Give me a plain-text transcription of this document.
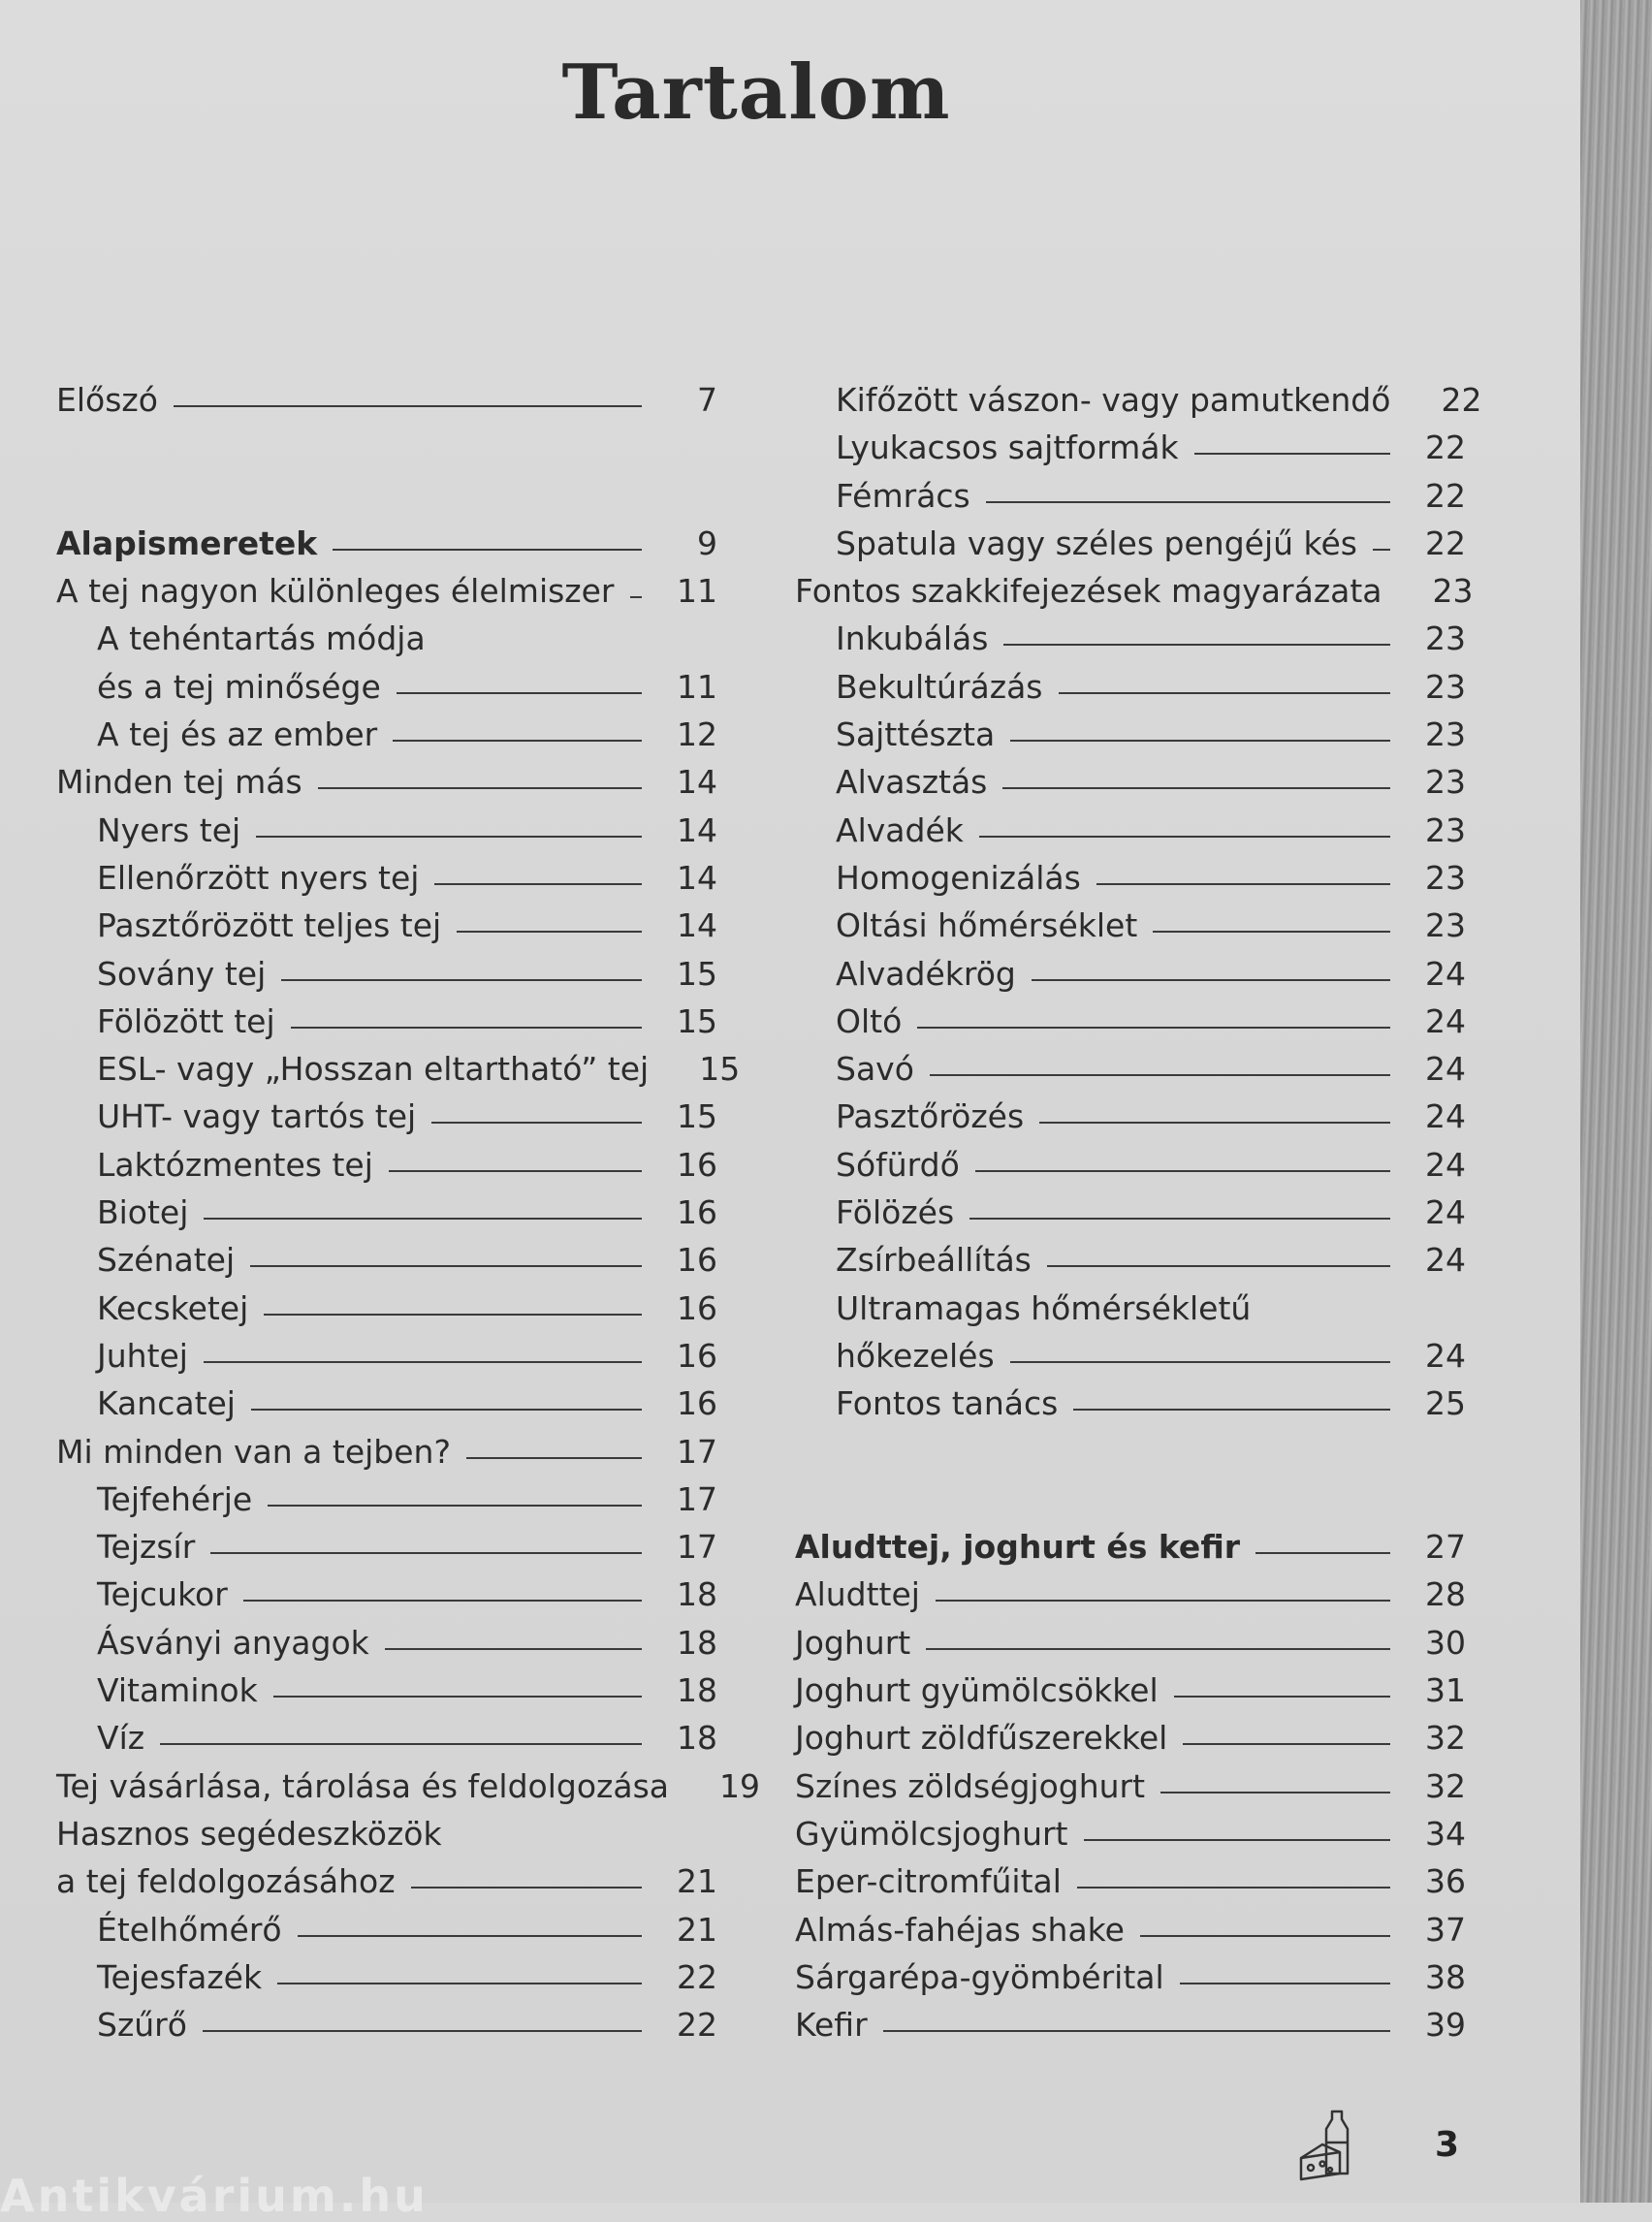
Tartalom
Előszó	7
Alapismeretek	9
A tej nagyon különleges élelmiszer	11
A tehéntartás módja
és a tej minősége	11
A tej és az ember	12
Minden tej más	14
Nyers tej	14
Ellenőrzött nyers tej	14
Pasztőrözött teljes tej	14
Sovány tej	15
Fölözött tej	15
ESL- vagy „Hosszan eltartható” tej	15
UHT- vagy tartós tej	15
Laktózmentes tej	16
Biotej	16
Szénatej	16
Kecsketej	16
Juhtej	16
Kancatej	16
Mi minden van a tejben?	17
Tejfehérje	17
Tejzsír	17
Tejcukor	18
Ásványi anyagok	18
Vitaminok	18
Víz	18
Tej vásárlása, tárolása és feldolgozása	19
Hasznos segédeszközök
a tej feldolgozásához	21
Ételhőmérő	21
Tejesfazék	22
Szűrő	22
Kifőzött vászon- vagy pamutkendő	22
Lyukacsos sajtformák	22
Fémrács	22
Spatula vagy széles pengéjű kés	22
Fontos szakkifejezések magyarázata	23
Inkubálás	23
Bekultúrázás	23
Sajttészta	23
Alvasztás	23
Alvadék	23
Homogenizálás	23
Oltási hőmérséklet	23
Alvadékrög	24
Oltó	24
Savó	24
Pasztőrözés	24
Sófürdő	24
Fölözés	24
Zsírbeállítás	24
Ultramagas hőmérsékletű
hőkezelés	24
Fontos tanács	25
Aludttej, joghurt és kefir	27
Aludttej	28
Joghurt	30
Joghurt gyümölcsökkel	31
Joghurt zöldfűszerekkel	32
Színes zöldségjoghurt	32
Gyümölcsjoghurt	34
Eper-citromfűital	36
Almás-fahéjas shake	37
Sárgarépa-gyömbérital	38
Kefir	39
3
Antikvárium.hu
